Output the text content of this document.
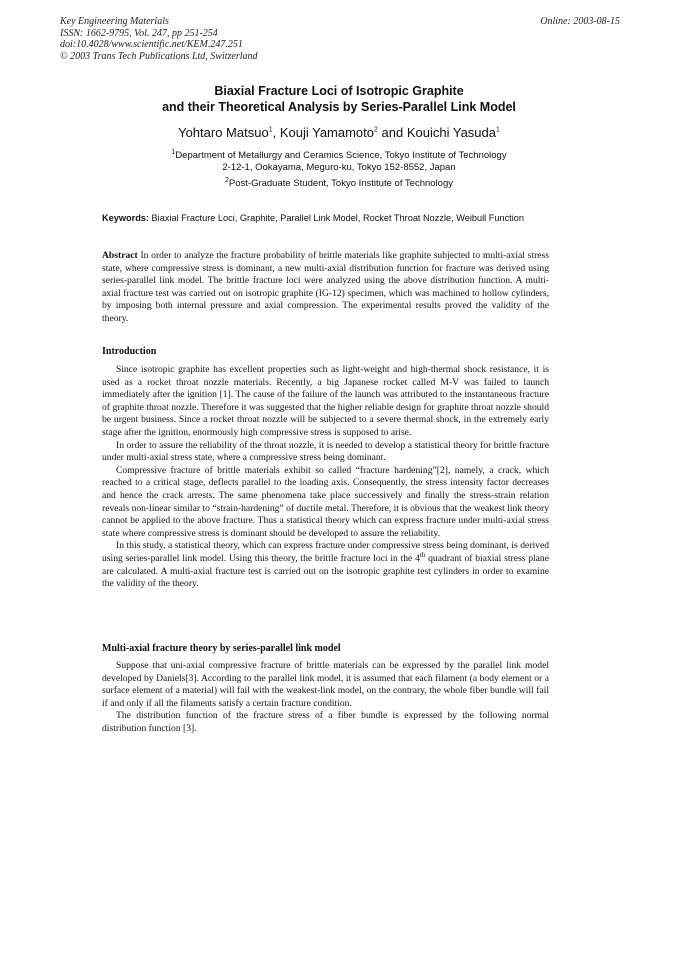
Key Engineering Materials
ISSN: 1662-9795, Vol. 247, pp 251-254
doi:10.4028/www.scientific.net/KEM.247.251
© 2003 Trans Tech Publications Ltd, Switzerland
Online: 2003-08-15
Biaxial Fracture Loci of Isotropic Graphite
and their Theoretical Analysis by Series-Parallel Link Model
Yohtaro Matsuo$^1$, Kouji Yamamoto$^2$ and Kouichi Yasuda$^1$
$^1$Department of Metallurgy and Ceramics Science, Tokyo Institute of Technology
2-12-1, Ookayama, Meguro-ku, Tokyo 152-8552, Japan
$^2$Post-Graduate Student, Tokyo Institute of Technology
Keywords: Biaxial Fracture Loci, Graphite, Parallel Link Model, Rocket Throat Nozzle, Weibull Function

Abstract In order to analyze the fracture probability of brittle materials like graphite subjected to multi-axial stress state, where compressive stress is dominant, a new multi-axial distribution function for fracture was derived using series-parallel link model. The brittle fracture loci were analyzed using the above distribution function. A multi-axial fracture test was carried out on isotropic graphite (IG-12) specimen, which was machined to hollow cylinders, by imposing both internal pressure and axial compression. The experimental results proved the validity of the theory.

Introduction

Since isotropic graphite has excellent properties such as light-weight and high-thermal shock resistance, it is used as a rocket throat nozzle materials. Recently, a big Japanese rocket called M-V was failed to launch immediately after the ignition [1]. The cause of the failure of the launch was attributed to the instantaneous fracture of graphite throat nozzle. Therefore it was suggested that the higher reliable design for graphite throat nozzle should be urgent business. Since a rocket throat nozzle will be subjected to a severe thermal shock, in the extremely early stage after the ignition, enormously high compressive stress is supposed to arise.

In order to assure the reliability of the throat nozzle, it is needed to develop a statistical theory for brittle fracture under multi-axial stress state, where a compressive stress being dominant.

Compressive fracture of brittle materials exhibit so called “fracture hardening”[2], namely, a crack, which reached to a critical stage, deflects parallel to the loading axis. Consequently, the stress intensity factor decreases and hence the crack arrests. The same phenomena take place successively and finally the stress-strain relation reveals non-linear similar to “strain-hardening” of ductile metal. Therefore, it is obvious that the weakest link theory cannot be applied to the above fracture. Thus a statistical theory which can express fracture under multi-axial stress state where compressive stress is dominant should be developed to assure the reliability.

In this study, a statistical theory, which can express fracture under compressive stress being dominant, is derived using series-parallel link model. Using this theory, the brittle fracture loci in the 4th quadrant of biaxial stress plane are calculated. A multi-axial fracture test is carried out on the isotropic graphite test cylinders in order to examine the validity of the theory.

Multi-axial fracture theory by series-parallel link model

Suppose that uni-axial compressive fracture of brittle materials can be expressed by the parallel link model developed by Daniels[3]. According to the parallel link model, it is assumed that each filament (a body element or a surface element of a material) will fail with the weakest-link model, on the contrary, the whole fiber bundle will fail if and only if all the filaments satisfy a certain fracture condition.

The distribution function of the fracture stress of a fiber bundle is expressed by the following normal distribution function [3].
